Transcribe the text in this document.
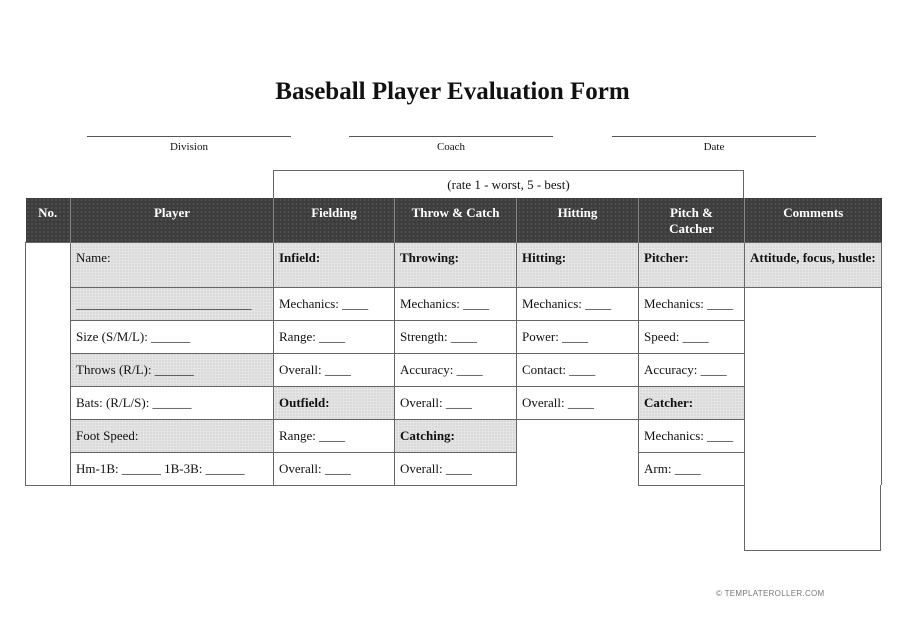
Baseball Player Evaluation Form
Division	Coach	Date
(rate 1 - worst, 5 - best)
No.	Player	Fielding	Throw & Catch	Hitting	Pitch & Catcher	Comments
	Name:	Infield:	Throwing:	Hitting:	Pitcher:	Attitude, focus, hustle:
	___________________________	Mechanics: ____	Mechanics: ____	Mechanics: ____	Mechanics: ____	
	Size (S/M/L): ______	Range: ____	Strength: ____	Power: ____	Speed: ____	
	Throws (R/L): ______	Overall: ____	Accuracy: ____	Contact: ____	Accuracy: ____	
	Bats: (R/L/S): ______	Outfield:	Overall: ____	Overall: ____	Catcher:	
	Foot Speed:	Range: ____	Catching:		Mechanics: ____	
	Hm-1B: ______ 1B-3B: ______	Overall: ____	Overall: ____		Arm: ____	
© TEMPLATEROLLER.COM
